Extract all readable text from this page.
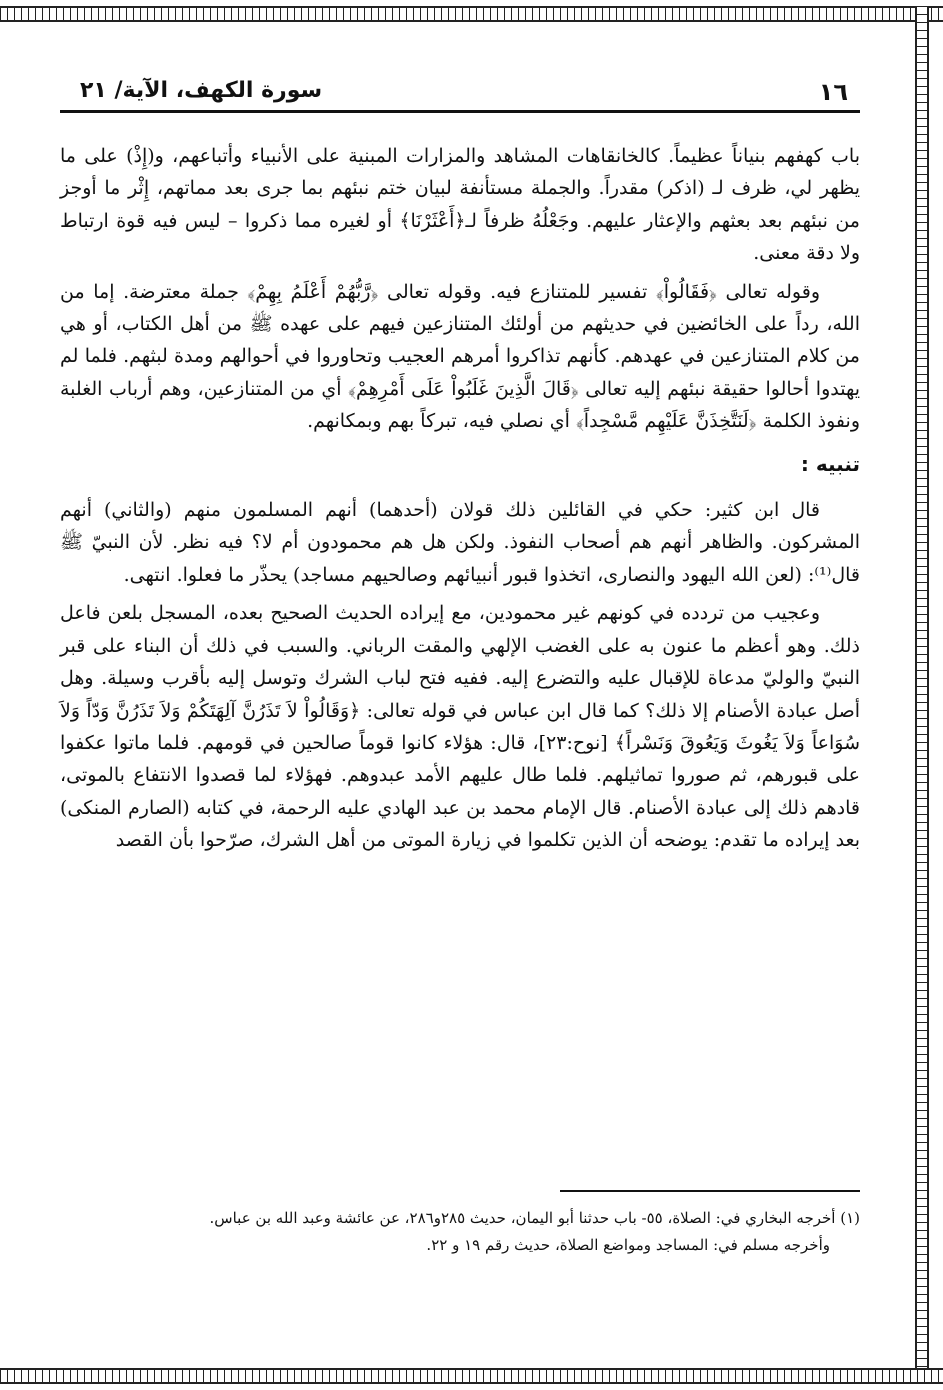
١٦
سورة الكهف، الآية/ ٢١

باب كهفهم بنياناً عظيماً. كالخانقاهات المشاهد والمزارات المبنية على الأنبياء وأتباعهم، و(إِذْ) على ما يظهر لي، ظرف لـ (اذكر) مقدراً. والجملة مستأنفة لبيان ختم نبئهم بما جرى بعد مماتهم، إِثْر ما أوجز من نبئهم بعد بعثهم والإعثار عليهم. وجَعْلُهُ ظرفاً لـ﴿أَعْثَرْنَا﴾ أو لغيره مما ذكروا – ليس فيه قوة ارتباط ولا دقة معنى.

وقوله تعالى ﴿فَقَالُواْ﴾ تفسير للمتنازع فيه. وقوله تعالى ﴿رَّبُّهُمْ أَعْلَمُ بِهِمْ﴾ جملة معترضة. إما من الله، رداً على الخائضين في حديثهم من أولئك المتنازعين فيهم على عهده ﷺ من أهل الكتاب، أو هي من كلام المتنازعين في عهدهم. كأنهم تذاكروا أمرهم العجيب وتحاوروا في أحوالهم ومدة لبثهم. فلما لم يهتدوا أحالوا حقيقة نبئهم إليه تعالى ﴿قَالَ الَّذِينَ غَلَبُواْ عَلَى أَمْرِهِمْ﴾ أي من المتنازعين، وهم أرباب الغلبة ونفوذ الكلمة ﴿لَنَتَّخِذَنَّ عَلَيْهِم مَّسْجِداً﴾ أي نصلي فيه، تبركاً بهم وبمكانهم.

تنبيه :

قال ابن كثير: حكي في القائلين ذلك قولان (أحدهما) أنهم المسلمون منهم (والثاني) أنهم المشركون. والظاهر أنهم هم أصحاب النفوذ. ولكن هل هم محمودون أم لا؟ فيه نظر. لأن النبيّ ﷺ قال⁽¹⁾: (لعن الله اليهود والنصارى، اتخذوا قبور أنبيائهم وصالحيهم مساجد) يحذّر ما فعلوا. انتهى.

وعجيب من تردده في كونهم غير محمودين، مع إيراده الحديث الصحيح بعده، المسجل بلعن فاعل ذلك. وهو أعظم ما عنون به على الغضب الإلهي والمقت الرباني. والسبب في ذلك أن البناء على قبر النبيّ والوليّ مدعاة للإقبال عليه والتضرع إليه. ففيه فتح لباب الشرك وتوسل إليه بأقرب وسيلة. وهل أصل عبادة الأصنام إلا ذلك؟ كما قال ابن عباس في قوله تعالى: ﴿وَقَالُواْ لاَ تَذَرُنَّ آلِهَتَكُمْ وَلاَ تَذَرُنَّ وَدّاً وَلاَ سُوَاعاً وَلاَ يَغُوثَ وَيَعُوقَ وَنَسْراً﴾ [نوح:٢٣]، قال: هؤلاء كانوا قوماً صالحين في قومهم. فلما ماتوا عكفوا على قبورهم، ثم صوروا تماثيلهم. فلما طال عليهم الأمد عبدوهم. فهؤلاء لما قصدوا الانتفاع بالموتى، قادهم ذلك إلى عبادة الأصنام. قال الإمام محمد بن عبد الهادي عليه الرحمة، في كتابه (الصارم المنكى) بعد إيراده ما تقدم: يوضحه أن الذين تكلموا في زيارة الموتى من أهل الشرك، صرّحوا بأن القصد

(١) أخرجه البخاري في: الصلاة، ٥٥- باب حدثنا أبو اليمان، حديث ٢٨٥و٢٨٦، عن عائشة وعبد الله بن عباس.

وأخرجه مسلم في: المساجد ومواضع الصلاة، حديث رقم ١٩ و ٢٢.
